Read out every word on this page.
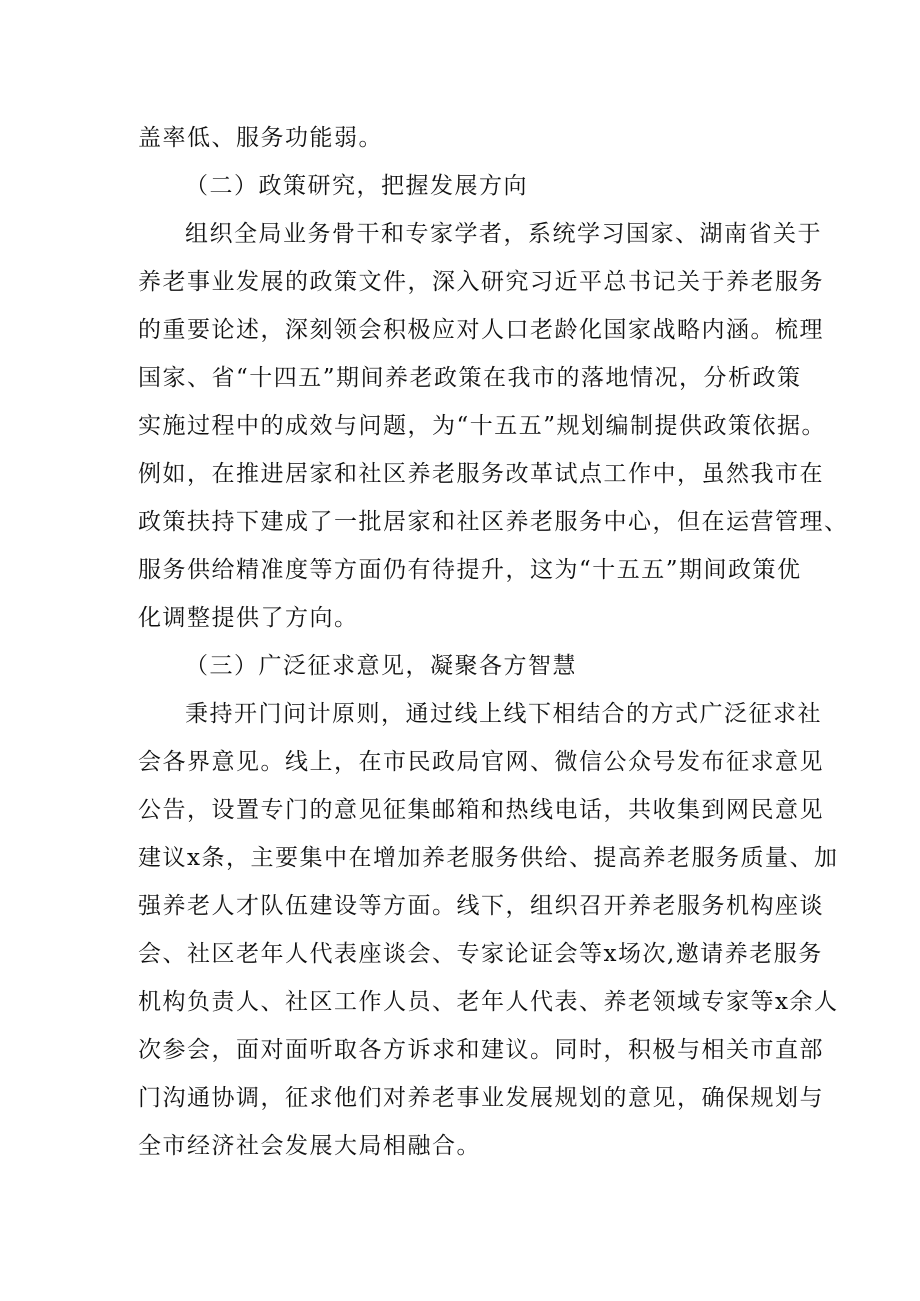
盖率低、服务功能弱。
（二）政策研究，把握发展方向
组织全局业务骨干和专家学者，系统学习国家、湖南省关于
养老事业发展的政策文件，深入研究习近平总书记关于养老服务
的重要论述，深刻领会积极应对人口老龄化国家战略内涵。梳理
国家、省“十四五”期间养老政策在我市的落地情况，分析政策
实施过程中的成效与问题，为“十五五”规划编制提供政策依据。
例如，在推进居家和社区养老服务改革试点工作中，虽然我市在
政策扶持下建成了一批居家和社区养老服务中心，但在运营管理、
服务供给精准度等方面仍有待提升，这为“十五五”期间政策优
化调整提供了方向。
（三）广泛征求意见，凝聚各方智慧
秉持开门问计原则，通过线上线下相结合的方式广泛征求社
会各界意见。线上，在市民政局官网、微信公众号发布征求意见
公告，设置专门的意见征集邮箱和热线电话，共收集到网民意见
建议x条，主要集中在增加养老服务供给、提高养老服务质量、加
强养老人才队伍建设等方面。线下，组织召开养老服务机构座谈
会、社区老年人代表座谈会、专家论证会等x场次,邀请养老服务
机构负责人、社区工作人员、老年人代表、养老领域专家等x余人
次参会，面对面听取各方诉求和建议。同时，积极与相关市直部
门沟通协调，征求他们对养老事业发展规划的意见，确保规划与
全市经济社会发展大局相融合。
